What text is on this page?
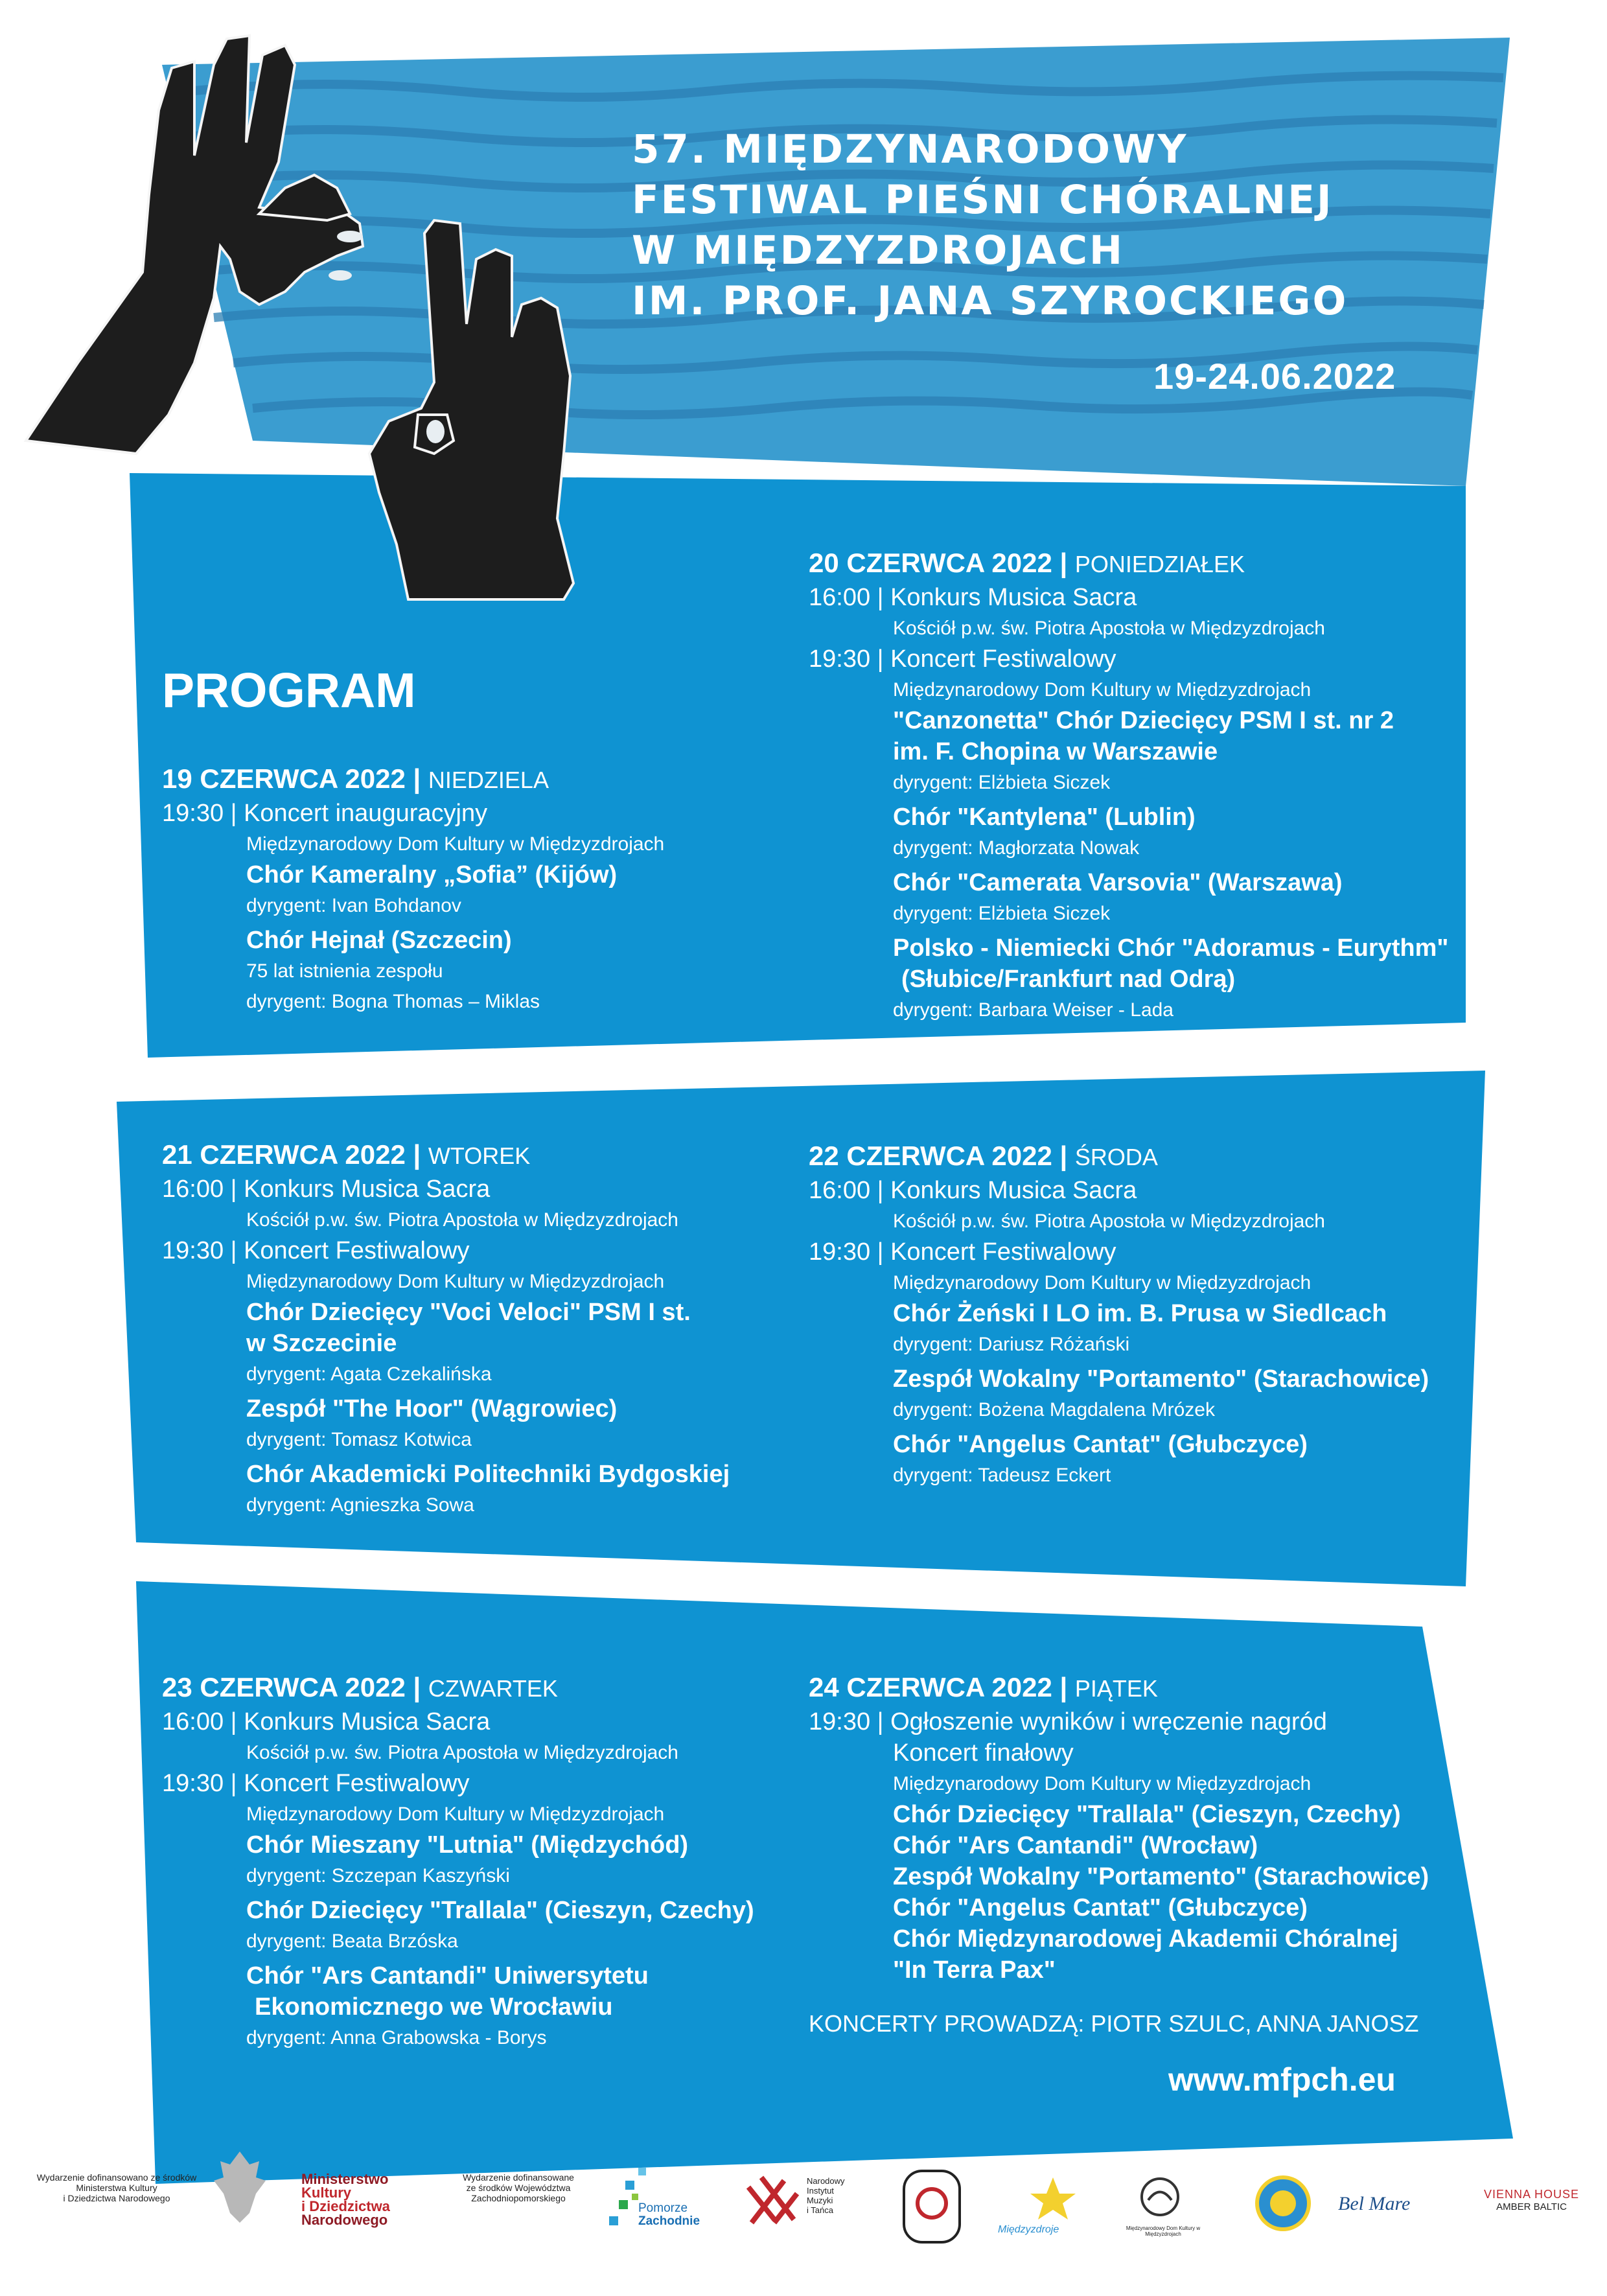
57. MIĘDZYNARODOWY
FESTIWAL PIEŚNI CHÓRALNEJ
W MIĘDZYZDROJACH
IM. PROF. JANA SZYROCKIEGO
19-24.06.2022
PROGRAM
19 CZERWCA 2022 | NIEDZIELA
19:30 | Koncert inauguracyjny
Międzynarodowy Dom Kultury w Międzyzdrojach
Chór Kameralny „Sofia” (Kijów)
dyrygent: Ivan Bohdanov
Chór Hejnał (Szczecin)
75 lat istnienia zespołu
dyrygent: Bogna Thomas – Miklas
20 CZERWCA 2022 | PONIEDZIAŁEK
16:00 | Konkurs Musica Sacra
Kościół p.w. św. Piotra Apostoła w Międzyzdrojach
19:30 | Koncert Festiwalowy
Międzynarodowy Dom Kultury w Międzyzdrojach
"Canzonetta" Chór Dziecięcy PSM I st. nr 2
im. F. Chopina w Warszawie
dyrygent: Elżbieta Siczek
Chór "Kantylena" (Lublin)
dyrygent: Magłorzata Nowak
Chór "Camerata Varsovia" (Warszawa)
dyrygent: Elżbieta Siczek
Polsko - Niemiecki Chór "Adoramus - Eurythm"
(Słubice/Frankfurt nad Odrą)
dyrygent: Barbara Weiser - Lada
21 CZERWCA 2022 | WTOREK
16:00 | Konkurs Musica Sacra
Kościół p.w. św. Piotra Apostoła w Międzyzdrojach
19:30 | Koncert Festiwalowy
Międzynarodowy Dom Kultury w Międzyzdrojach
Chór Dziecięcy "Voci Veloci" PSM I st.
w Szczecinie
dyrygent: Agata Czekalińska
Zespół "The Hoor" (Wągrowiec)
dyrygent: Tomasz Kotwica
Chór Akademicki Politechniki Bydgoskiej
dyrygent: Agnieszka Sowa
22 CZERWCA 2022 | ŚRODA
16:00 | Konkurs Musica Sacra
Kościół p.w. św. Piotra Apostoła w Międzyzdrojach
19:30 | Koncert Festiwalowy
Międzynarodowy Dom Kultury w Międzyzdrojach
Chór Żeński I LO im. B. Prusa w Siedlcach
dyrygent: Dariusz Różański
Zespół Wokalny "Portamento" (Starachowice)
dyrygent: Bożena Magdalena Mrózek
Chór "Angelus Cantat" (Głubczyce)
dyrygent: Tadeusz Eckert
23 CZERWCA 2022 | CZWARTEK
16:00 | Konkurs Musica Sacra
Kościół p.w. św. Piotra Apostoła w Międzyzdrojach
19:30 | Koncert Festiwalowy
Międzynarodowy Dom Kultury w Międzyzdrojach
Chór Mieszany "Lutnia" (Międzychód)
dyrygent: Szczepan Kaszyński
Chór Dziecięcy "Trallala" (Cieszyn, Czechy)
dyrygent: Beata Brzóska
Chór "Ars Cantandi" Uniwersytetu
Ekonomicznego we Wrocławiu
dyrygent: Anna Grabowska - Borys
24 CZERWCA 2022 | PIĄTEK
19:30 | Ogłoszenie wyników i wręczenie nagród
Koncert finałowy
Międzynarodowy Dom Kultury w Międzyzdrojach
Chór Dziecięcy "Trallala" (Cieszyn, Czechy)
Chór "Ars Cantandi" (Wrocław)
Zespół Wokalny "Portamento" (Starachowice)
Chór "Angelus Cantat" (Głubczyce)
Chór Międzynarodowej Akademii Chóralnej
"In Terra Pax"
KONCERTY PROWADZĄ: PIOTR SZULC, ANNA JANOSZ
www.mfpch.eu
Wydarzenie dofinansowano ze środków
Ministerstwa Kultury
i Dziedzictwa Narodowego
Ministerstwo
Kultury
i Dziedzictwa
Narodowego
Wydarzenie dofinansowane
ze środków Województwa
Zachodniopomorskiego
Pomorze
Zachodnie
Narodowy
Instytut
Muzyki
i Tańca
Międzyzdroje	Międzynarodowy Dom Kultury w Międzyzdrojach
Bel Mare	VIENNA HOUSE
AMBER BALTIC
